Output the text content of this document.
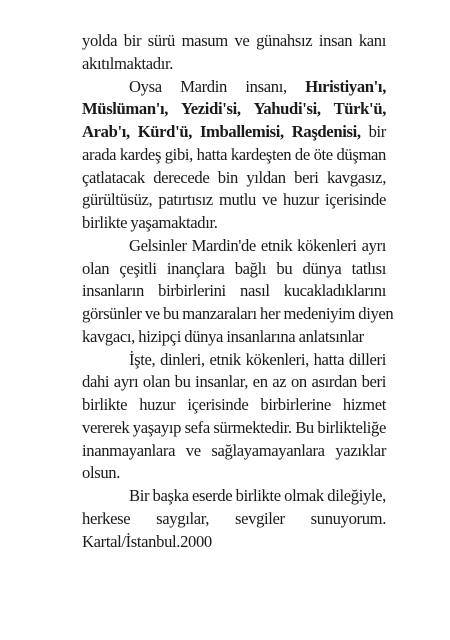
yolda bir sürü masum ve günahsız insan kanı
akıtılmaktadır.

Oysa Mardin insanı, Hıristiyan'ı,
Müslüman'ı, Yezidi'si, Yahudi'si, Türk'ü,
Arab'ı, Kürd'ü, Imballemisi, Raşdenisi, bir
arada kardeş gibi, hatta kardeşten de öte düşman
çatlatacak derecede bin yıldan beri kavgasız,
gürültüsüz, patırtısız mutlu ve huzur içerisinde
birlikte yaşamaktadır.

Gelsinler Mardin'de etnik kökenleri ayrı
olan çeşitli inançlara bağlı bu dünya tatlısı
insanların birbirlerini nasıl kucakladıklarını
görsünler ve bu manzaraları her medeniyim diyen
kavgacı, hizipçi dünya insanlarına anlatsınlar

İşte, dinleri, etnik kökenleri, hatta dilleri
dahi ayrı olan bu insanlar, en az on asırdan beri
birlikte huzur içerisinde birbirlerine hizmet
vererek yaşayıp sefa sürmektedir. Bu birlikteliğe
inanmayanlara ve sağlayamayanlara yazıklar
olsun.

Bir başka eserde birlikte olmak dileğiyle,
herkese saygılar, sevgiler sunuyorum.
Kartal/İstanbul.2000
